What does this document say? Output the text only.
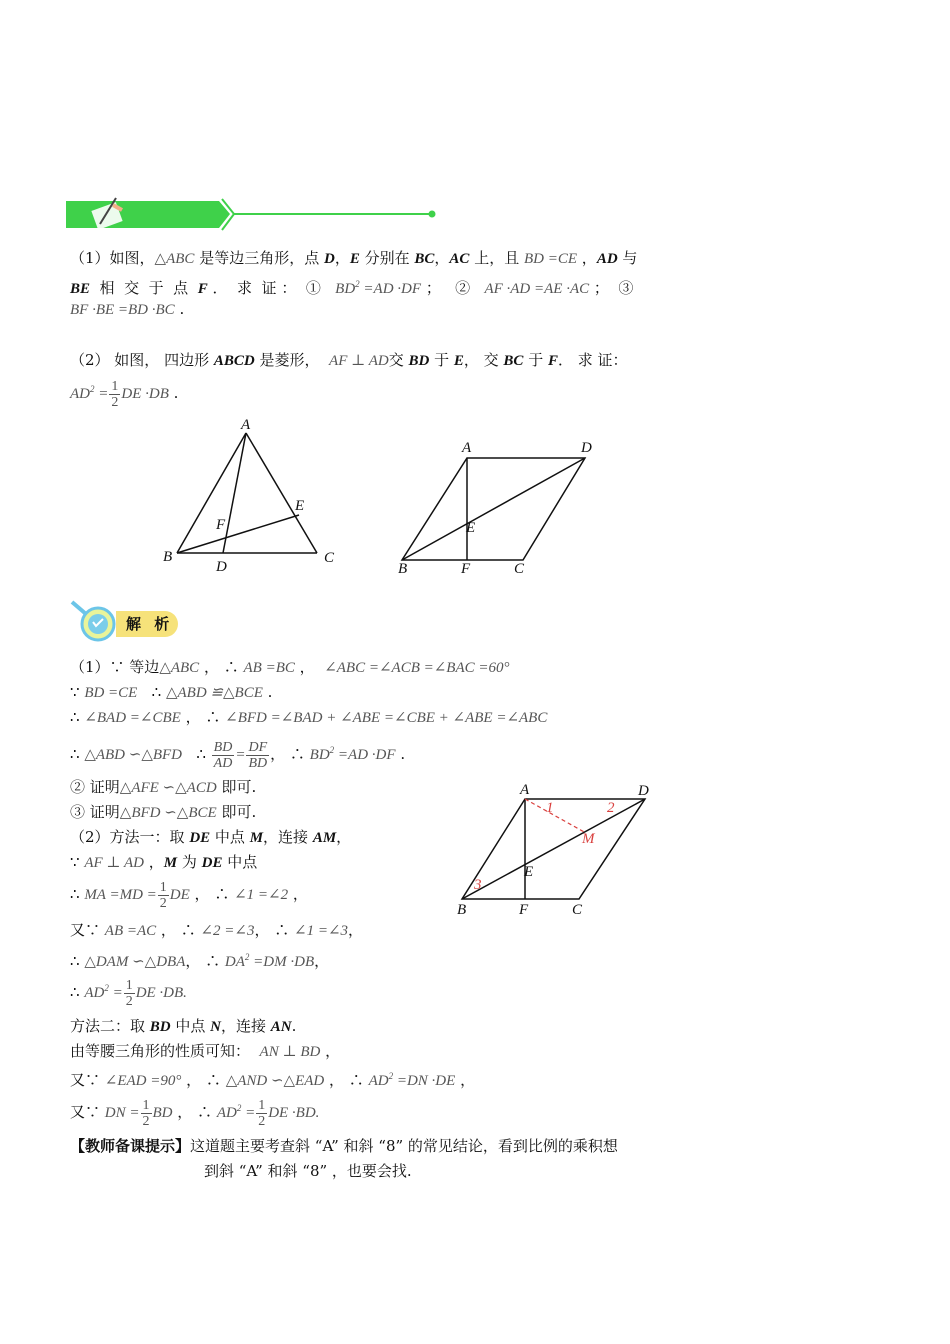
（1）如图，△ABC 是等边三角形，点 D，E 分别在 BC，AC 上，且 BD =CE ，AD 与
BE  相  交  于  点  F ．  求  证 ：  ①   $BD^2 =AD \cdot DF$ ；   ②   AF ·AD =AE ·AC ；  ③
BF ·BE =BD ·BC .
（2） 如图， 四边形 ABCD 是菱形，  AF ⊥ AD交 BD 于 E， 交 BC 于 F． 求 证：
$AD^2 = \frac{1}{2}$ DE ·DB .
A
B	C
D
E
F
A	D
B	F	C
E
解 析
（1）∵ 等边△ABC ， ∴ AB =BC ，  ∠ABC =∠ACB =∠BAC =60°
∵ BD =CE   ∴ △ABD ≌△BCE .
∴ ∠BAD =∠CBE ， ∴ ∠BFD =∠BAD + ∠ABE =∠CBE + ∠ABE =∠ABC
∴ △ABD ∽△BFD   ∴ $\frac{BD}{AD} = \frac{DF}{BD}$ ， ∴ $BD^2 =AD \cdot DF$ .
② 证明△AFE ∽△ACD 即可.
③ 证明△BFD ∽△BCE 即可.
（2）方法一：取 DE 中点 M，连接 AM，
∵ AF ⊥ AD ，M 为 DE 中点
∴ MA $=MD = \frac{1}{2}$ DE ， ∴ ∠1 =∠2 ，
又∵ AB =AC ， ∴ ∠2 =∠3， ∴ ∠1 =∠3，
∴ △DAM ∽△DBA， ∴ $DA^2 =DM \cdot DB$，
∴ $AD^2 = \frac{1}{2}$ DE ·DB.
方法二：取 BD 中点 N，连接 AN.
由等腰三角形的性质可知：  AN ⊥ BD ，
又∵ ∠EAD =90° ， ∴ △AND ∽△EAD ， ∴ $AD^2 =DN \cdot DE$ ，
又∵ DN = $\frac{1}{2}$ BD ， ∴ $AD^2 = \frac{1}{2}$ DE ·BD.
A	D
B	F	C
E
M
1	2
3
【教师备课提示】这道题主要考查斜 “A” 和斜 “8” 的常见结论，看到比例的乘积想
到斜 “A” 和斜 “8” ，也要会找.
